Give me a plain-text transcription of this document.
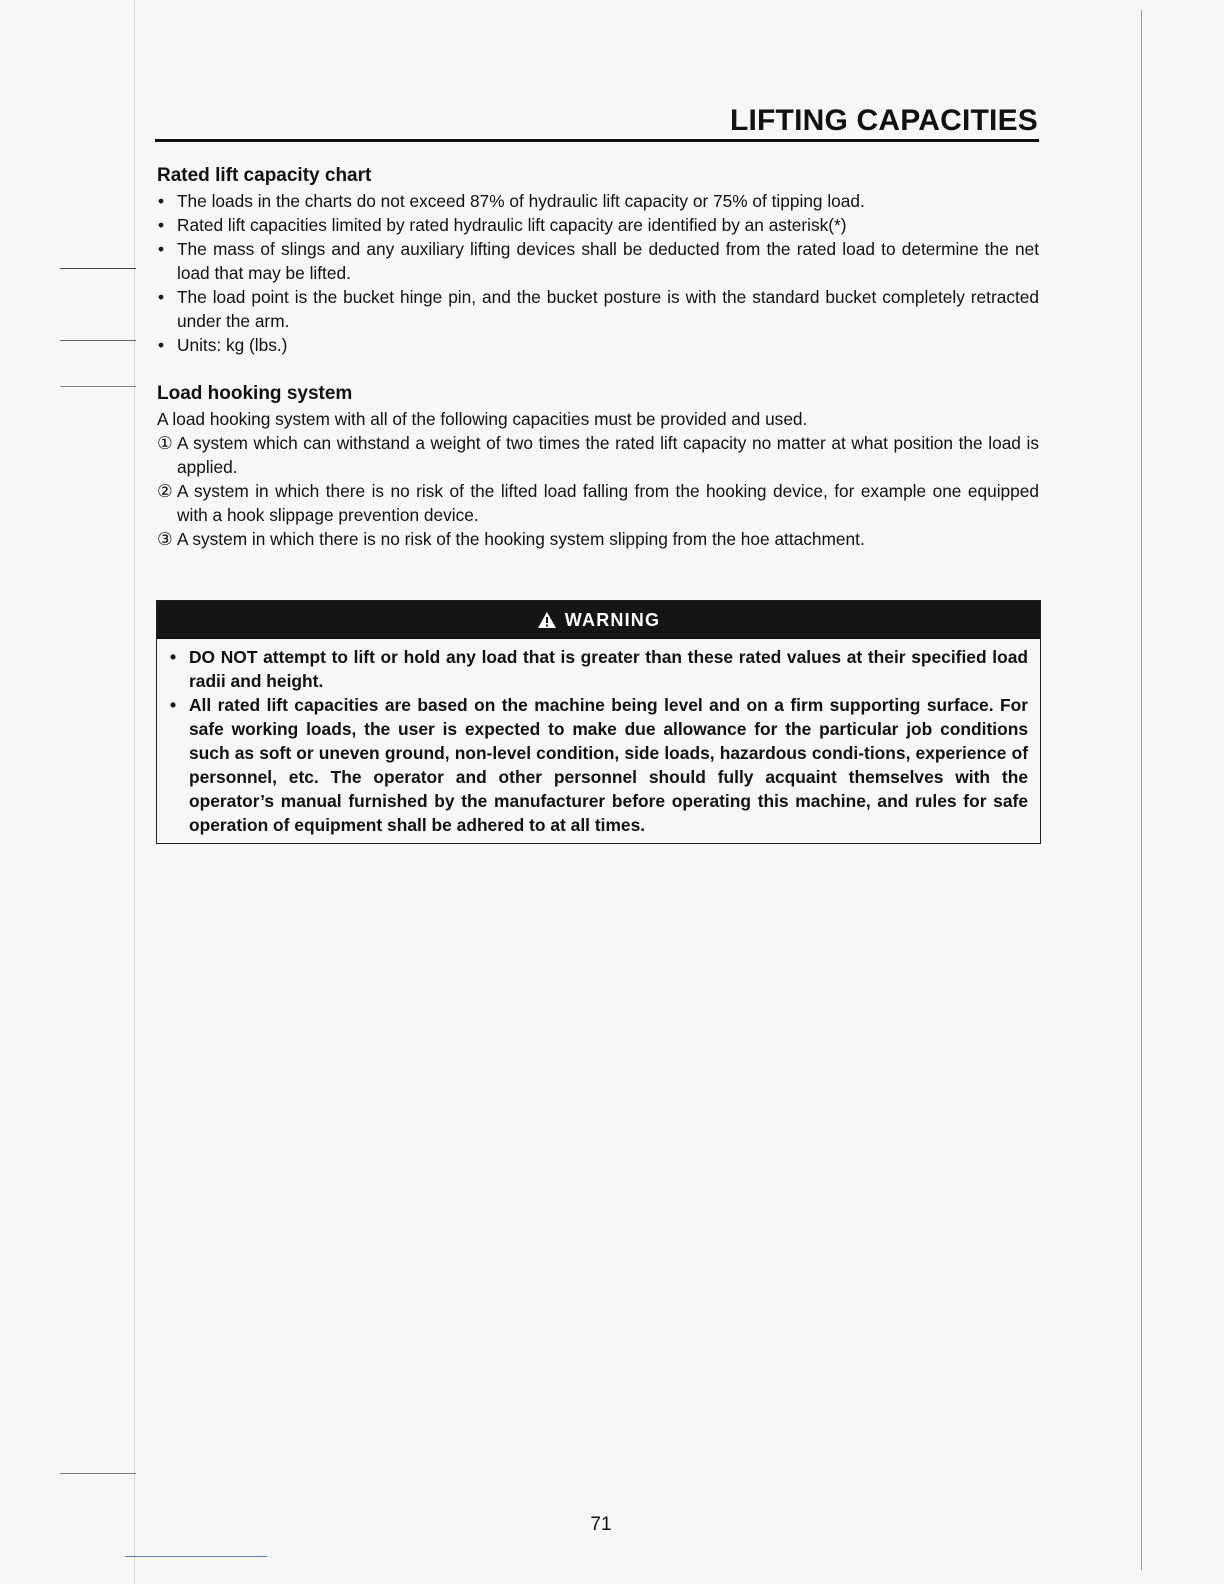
LIFTING CAPACITIES
Rated lift capacity chart
• The loads in the charts do not exceed 87% of hydraulic lift capacity or 75% of tipping load.
• Rated lift capacities limited by rated hydraulic lift capacity are identified by an asterisk(*)
• The mass of slings and any auxiliary lifting devices shall be deducted from the rated load to determine the net load that may be lifted.
• The load point is the bucket hinge pin, and the bucket posture is with the standard bucket completely retracted under the arm.
• Units: kg (lbs.)
Load hooking system

A load hooking system with all of the following capacities must be provided and used.

① A system which can withstand a weight of two times the rated lift capacity no matter at what position the load is applied.
② A system in which there is no risk of the lifted load falling from the hooking device, for example one equipped with a hook slippage prevention device.
③ A system in which there is no risk of the hooking system slipping from the hoe attachment.
WARNING
• DO NOT attempt to lift or hold any load that is greater than these rated values at their specified load radii and height.
• All rated lift capacities are based on the machine being level and on a firm supporting surface. For safe working loads, the user is expected to make due allowance for the particular job conditions such as soft or uneven ground, non-level condition, side loads, hazardous condi-tions, experience of personnel, etc. The operator and other personnel should fully acquaint themselves with the operator’s manual furnished by the manufacturer before operating this machine, and rules for safe operation of equipment shall be adhered to at all times.
71
